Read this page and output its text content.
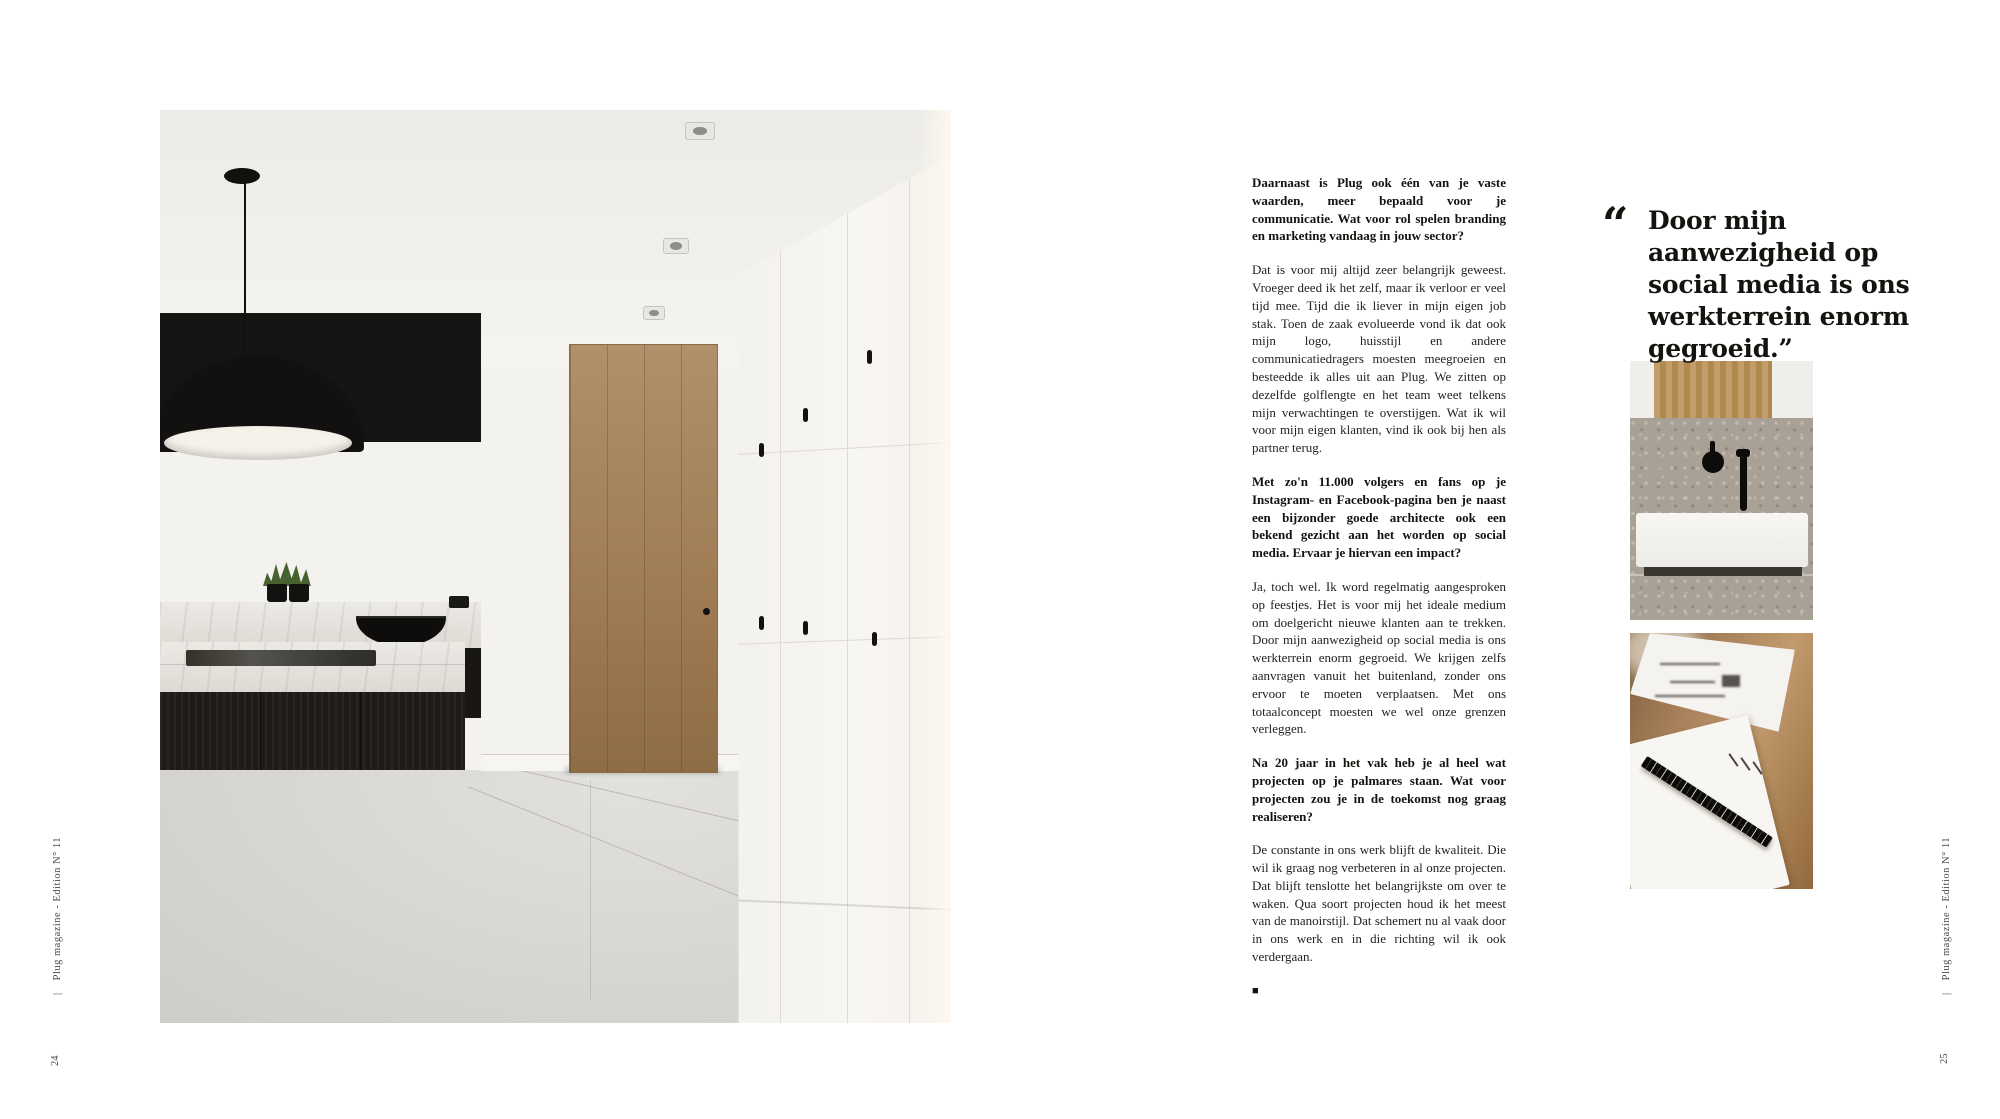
|Plug magazine - Edition N° 11
24

Daarnaast is Plug ook één van je vaste waarden, meer bepaald voor je communicatie. Wat voor rol spelen branding en marketing vandaag in jouw sector?

Dat is voor mij altijd zeer belangrijk geweest. Vroeger deed ik het zelf, maar ik verloor er veel tijd mee. Tijd die ik liever in mijn eigen job stak. Toen de zaak evolueerde vond ik dat ook mijn logo, huisstijl en andere communicatiedragers moesten meegroeien en besteedde ik alles uit aan Plug. We zitten op dezelfde golflengte en het team weet telkens mijn verwachtingen te overstijgen. Wat ik wil voor mijn eigen klanten, vind ik ook bij hen als partner terug.

Met zo'n 11.000 volgers en fans op je Instagram- en Facebook-pagina ben je naast een bijzonder goede architecte ook een bekend gezicht aan het worden op social media. Ervaar je hiervan een impact?

Ja, toch wel. Ik word regelmatig aangesproken op feestjes. Het is voor mij het ideale medium om doelgericht nieuwe klanten aan te trekken. Door mijn aanwezigheid op social media is ons werkterrein enorm gegroeid. We krijgen zelfs aanvragen vanuit het buitenland, zonder ons ervoor te moeten verplaatsen. Met ons totaalconcept moesten we wel onze grenzen verleggen.

Na 20 jaar in het vak heb je al heel wat projecten op je palmares staan. Wat voor projecten zou je in de toekomst nog graag realiseren?

De constante in ons werk blijft de kwaliteit. Die wil ik graag nog verbeteren in al onze projecten. Dat blijft tenslotte het belangrijkste om over te waken. Qua soort projecten houd ik het meest van de manoirstijl. Dat schemert nu al vaak door in ons werk en in die richting wil ik ook verdergaan.

■
“ Door mijn aanwezigheid op social media is ons werkterrein enorm gegroeid.”
|Plug magazine - Edition N° 11
25
